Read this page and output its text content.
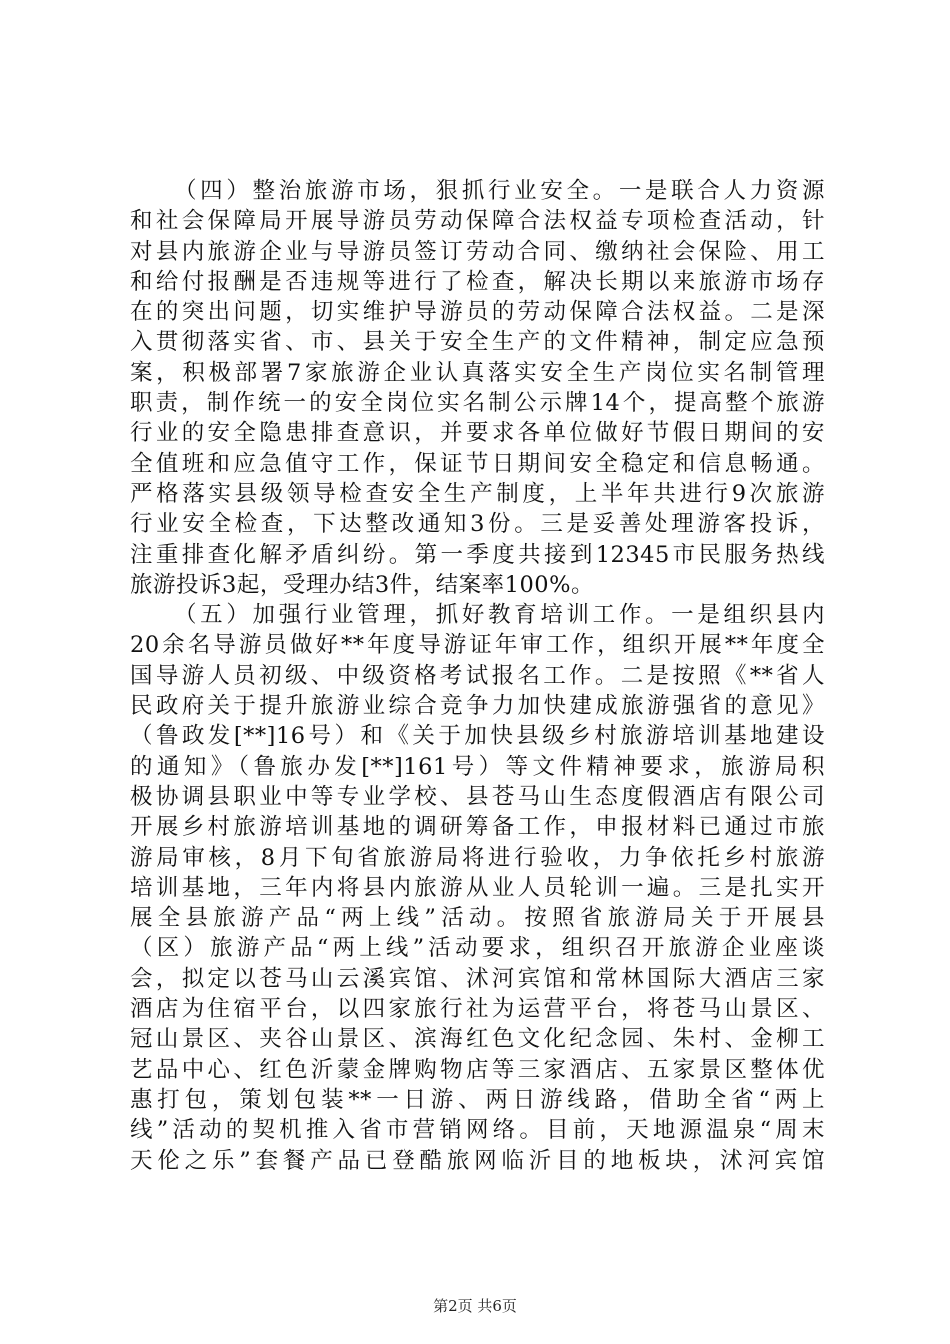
（四）整治旅游市场，狠抓行业安全。一是联合人力资源
和社会保障局开展导游员劳动保障合法权益专项检查活动，针
对县内旅游企业与导游员签订劳动合同、缴纳社会保险、用工
和给付报酬是否违规等进行了检查，解决长期以来旅游市场存
在的突出问题，切实维护导游员的劳动保障合法权益。二是深
入贯彻落实省、市、县关于安全生产的文件精神，制定应急预
案，积极部署7家旅游企业认真落实安全生产岗位实名制管理
职责，制作统一的安全岗位实名制公示牌14个，提高整个旅游
行业的安全隐患排查意识，并要求各单位做好节假日期间的安
全值班和应急值守工作，保证节日期间安全稳定和信息畅通。
严格落实县级领导检查安全生产制度，上半年共进行9次旅游
行业安全检查，下达整改通知3份。三是妥善处理游客投诉，
注重排查化解矛盾纠纷。第一季度共接到12345市民服务热线
旅游投诉3起，受理办结3件，结案率100%。
（五）加强行业管理，抓好教育培训工作。一是组织县内
20余名导游员做好**年度导游证年审工作，组织开展**年度全
国导游人员初级、中级资格考试报名工作。二是按照《**省人
民政府关于提升旅游业综合竞争力加快建成旅游强省的意见》
（鲁政发[**]16号）和《关于加快县级乡村旅游培训基地建设
的通知》（鲁旅办发[**]161号）等文件精神要求，旅游局积
极协调县职业中等专业学校、县苍马山生态度假酒店有限公司
开展乡村旅游培训基地的调研筹备工作，申报材料已通过市旅
游局审核，8月下旬省旅游局将进行验收，力争依托乡村旅游
培训基地，三年内将县内旅游从业人员轮训一遍。三是扎实开
展全县旅游产品“两上线”活动。按照省旅游局关于开展县
（区）旅游产品“两上线”活动要求，组织召开旅游企业座谈
会，拟定以苍马山云溪宾馆、沭河宾馆和常林国际大酒店三家
酒店为住宿平台，以四家旅行社为运营平台，将苍马山景区、
冠山景区、夹谷山景区、滨海红色文化纪念园、朱村、金柳工
艺品中心、红色沂蒙金牌购物店等三家酒店、五家景区整体优
惠打包，策划包装**一日游、两日游线路，借助全省“两上
线”活动的契机推入省市营销网络。目前，天地源温泉“周末
天伦之乐”套餐产品已登酷旅网临沂目的地板块，沭河宾馆
第2页 共6页
